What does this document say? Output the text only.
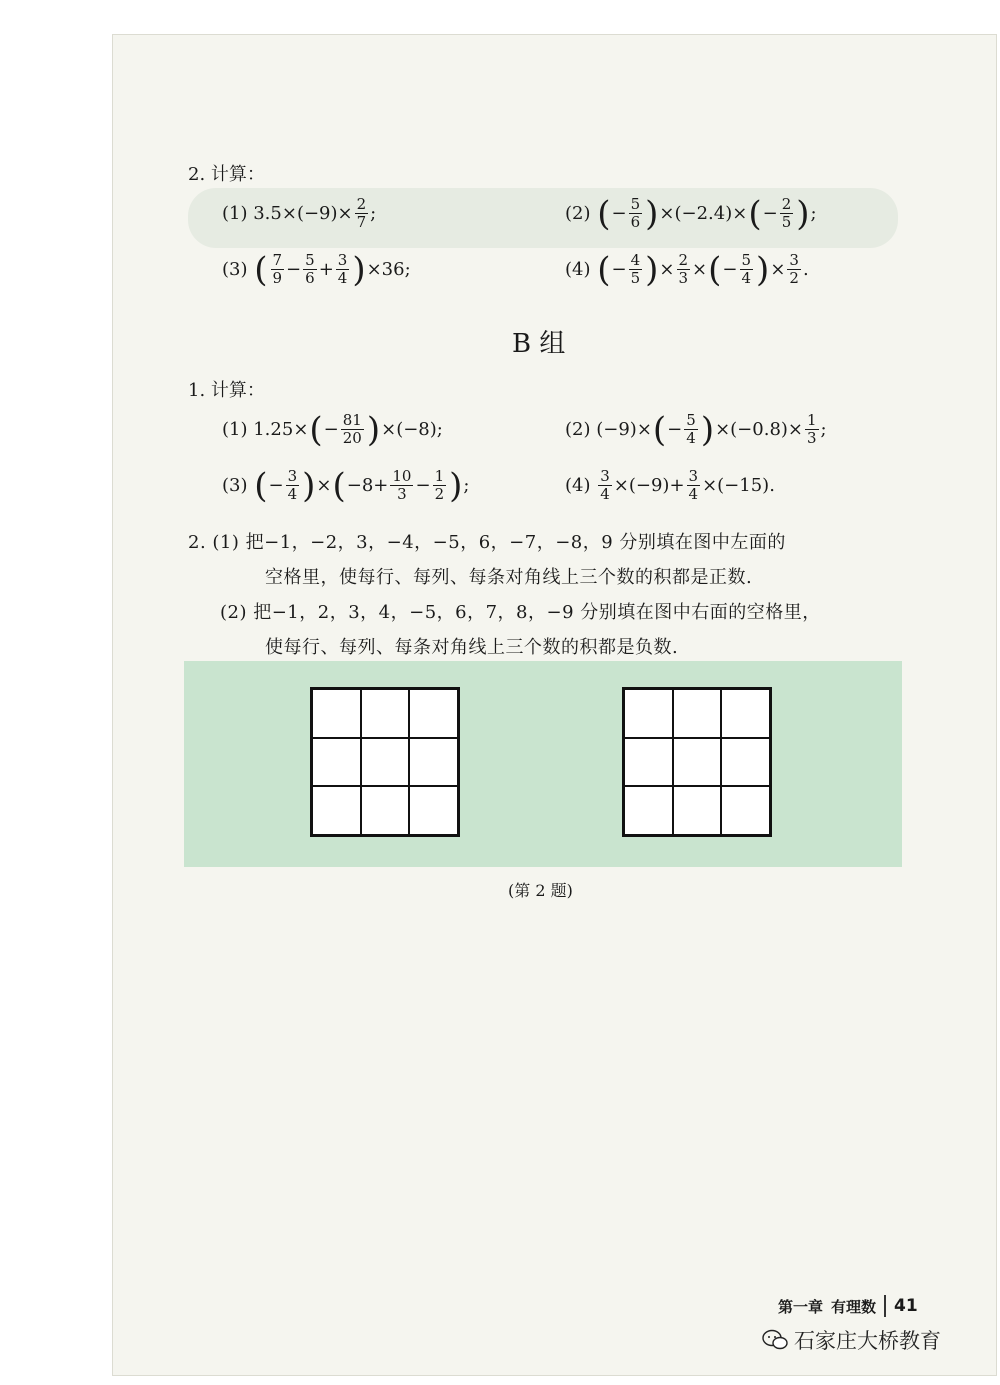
2. 计算：
(1)
$3.5\times(-9)\times \frac{2}{7}$ ;	(2)
( − $\frac{5}{6}$ ) ×(−2.4)× ( − $\frac{2}{5}$ ) ;
(3)
( $\frac{7}{9} - \frac{5}{6} + \frac{3}{4}$ ) ×36;	(4)
( − $\frac{4}{5}$ ) × $\frac{2}{3}$ × ( − $\frac{5}{4}$ ) × $\frac{3}{2}$ .
B 组
1. 计算：
(1)
1.25× ( − $\frac{81}{20}$ ) ×(−8);	(2)
(−9)× ( − $\frac{5}{4}$ ) $\times(-0.8)\times \frac{1}{3}$ ;
(3)
( − $\frac{3}{4}$ ) × ( $-8+ \frac{10}{3} - \frac{1}{2}$ ) ;	(4)
$\frac{3}{4} \times(-9)+ \frac{3}{4} \times(-15)$.
2. (1) 把−1，−2，3，−4，−5，6，−7，−8，9 分别填在图中左面的
空格里，使每行、每列、每条对角线上三个数的积都是正数.
(2) 把−1，2，3，4，−5，6，7，8，−9 分别填在图中右面的空格里，
使每行、每列、每条对角线上三个数的积都是负数.
(第 2 题)
第一章 有理数 41
石家庄大桥教育
